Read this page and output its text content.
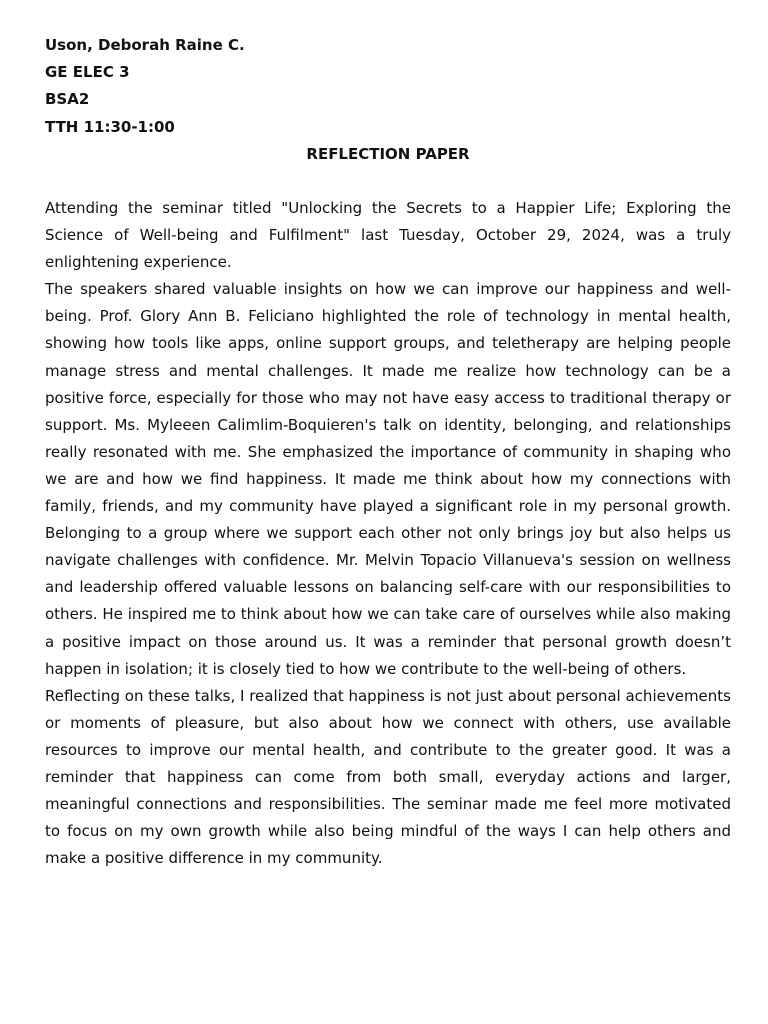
Uson, Deborah Raine C.
GE ELEC 3
BSA2
TTH 11:30-1:00
REFLECTION PAPER

Attending the seminar titled "Unlocking the Secrets to a Happier Life; Exploring the Science of Well-being and Fulfilment" last Tuesday, October 29, 2024, was a truly enlightening experience.

The speakers shared valuable insights on how we can improve our happiness and well-being. Prof. Glory Ann B. Feliciano highlighted the role of technology in mental health, showing how tools like apps, online support groups, and teletherapy are helping people manage stress and mental challenges. It made me realize how technology can be a positive force, especially for those who may not have easy access to traditional therapy or support. Ms. Myleeen Calimlim-Boquieren's talk on identity, belonging, and relationships really resonated with me. She emphasized the importance of community in shaping who we are and how we find happiness. It made me think about how my connections with family, friends, and my community have played a significant role in my personal growth. Belonging to a group where we support each other not only brings joy but also helps us navigate challenges with confidence. Mr. Melvin Topacio Villanueva's session on wellness and leadership offered valuable lessons on balancing self-care with our responsibilities to others. He inspired me to think about how we can take care of ourselves while also making a positive impact on those around us. It was a reminder that personal growth doesn’t happen in isolation; it is closely tied to how we contribute to the well-being of others.

Reflecting on these talks, I realized that happiness is not just about personal achievements or moments of pleasure, but also about how we connect with others, use available resources to improve our mental health, and contribute to the greater good. It was a reminder that happiness can come from both small, everyday actions and larger, meaningful connections and responsibilities. The seminar made me feel more motivated to focus on my own growth while also being mindful of the ways I can help others and make a positive difference in my community.
